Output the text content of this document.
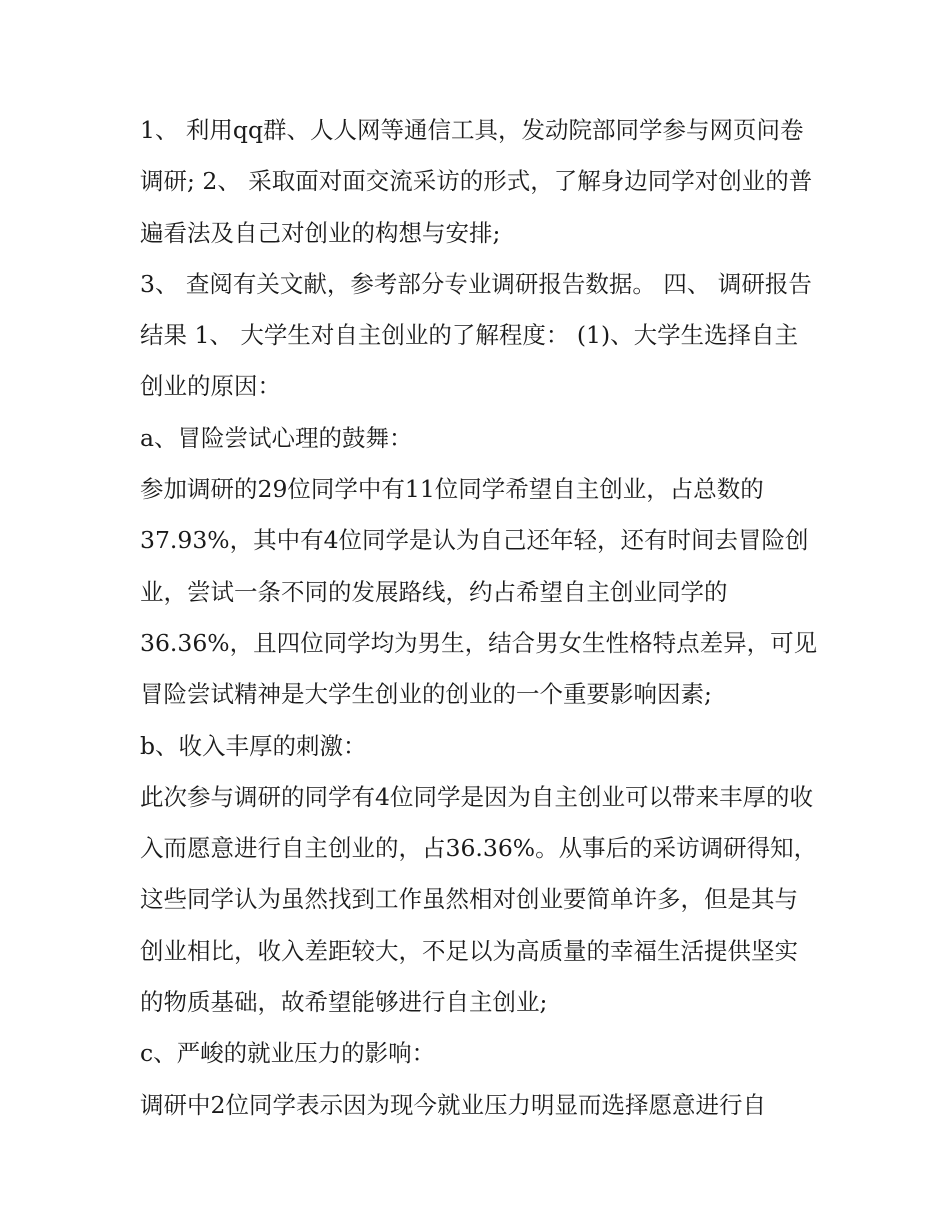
1、 利用qq群、人人网等通信工具，发动院部同学参与网页问卷调研; 2、 采取面对面交流采访的形式，了解身边同学对创业的普遍看法及自己对创业的构想与安排;

3、 查阅有关文献，参考部分专业调研报告数据。 四、 调研报告结果 1、 大学生对自主创业的了解程度： (1)、大学生选择自主创业的原因：

a、冒险尝试心理的鼓舞：

参加调研的29位同学中有11位同学希望自主创业，占总数的37.93%，其中有4位同学是认为自己还年轻，还有时间去冒险创业，尝试一条不同的发展路线，约占希望自主创业同学的36.36%，且四位同学均为男生，结合男女生性格特点差异，可见冒险尝试精神是大学生创业的创业的一个重要影响因素;

b、收入丰厚的刺激：

此次参与调研的同学有4位同学是因为自主创业可以带来丰厚的收入而愿意进行自主创业的，占36.36%。从事后的采访调研得知，这些同学认为虽然找到工作虽然相对创业要简单许多，但是其与创业相比，收入差距较大，不足以为高质量的幸福生活提供坚实的物质基础，故希望能够进行自主创业;

c、严峻的就业压力的影响：

调研中2位同学表示因为现今就业压力明显而选择愿意进行自
